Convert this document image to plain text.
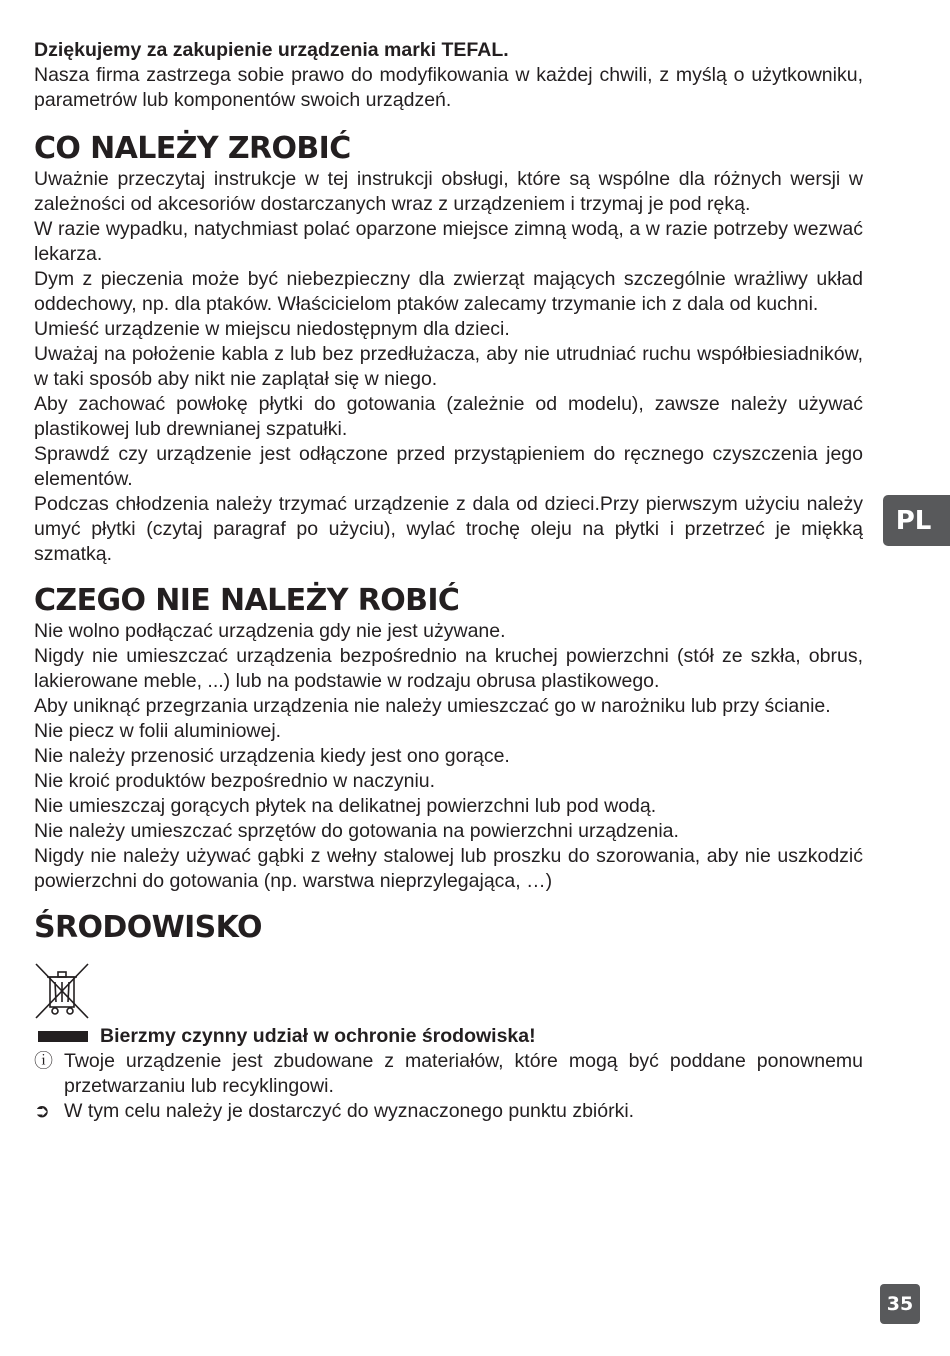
Dziękujemy za zakupienie urządzenia marki TEFAL.

Nasza firma zastrzega sobie prawo do modyfikowania w każdej chwili, z myślą o użytkowniku, parametrów lub komponentów swoich urządzeń.

CO NALEŻY ZROBIĆ

Uważnie przeczytaj instrukcje w tej instrukcji obsługi, które są wspólne dla różnych wersji w zależności od akcesoriów dostarczanych wraz z urządzeniem i trzymaj je pod ręką.

W razie wypadku, natychmiast polać oparzone miejsce zimną wodą, a w razie potrzeby wezwać lekarza.

Dym z pieczenia może być niebezpieczny dla zwierząt mających szczególnie wrażliwy układ oddechowy, np. dla ptaków. Właścicielom ptaków zalecamy trzymanie ich z dala od kuchni.

Umieść urządzenie w miejscu niedostępnym dla dzieci.

Uważaj na położenie kabla z lub bez przedłużacza, aby nie utrudniać ruchu współbiesiadników, w taki sposób aby nikt nie zaplątał się w niego.

Aby zachować powłokę płytki do gotowania (zależnie od modelu), zawsze należy używać plastikowej lub drewnianej szpatułki.

Sprawdź czy urządzenie jest odłączone przed przystąpieniem do ręcznego czyszczenia jego elementów.

Podczas chłodzenia należy trzymać urządzenie z dala od dzieci.Przy pierwszym użyciu należy umyć płytki (czytaj paragraf po użyciu), wylać trochę oleju na płytki i przetrzeć je miękką szmatką.

CZEGO NIE NALEŻY ROBIĆ

Nie wolno podłączać urządzenia gdy nie jest używane.

Nigdy nie umieszczać urządzenia bezpośrednio na kruchej powierzchni (stół ze szkła, obrus, lakierowane meble, ...) lub na podstawie w rodzaju obrusa plastikowego.

Aby uniknąć przegrzania urządzenia nie należy umieszczać go w narożniku lub przy ścianie.

Nie piecz w folii aluminiowej.

Nie należy przenosić urządzenia kiedy jest ono gorące.

Nie kroić produktów bezpośrednio w naczyniu.

Nie umieszczaj gorących płytek na delikatnej powierzchni lub pod wodą.

Nie należy umieszczać sprzętów do gotowania na powierzchni urządzenia.

Nigdy nie należy używać gąbki z wełny stalowej lub proszku do szorowania, aby nie uszkodzić powierzchni do gotowania (np. warstwa nieprzylegająca, …)

ŚRODOWISKO
Bierzmy czynny udział w ochronie środowiska!
ⓘ Twoje urządzenie jest zbudowane z materiałów, które mogą być poddane ponownemu przetwarzaniu lub recyklingowi.
➲ W tym celu należy je dostarczyć do wyznaczonego punktu zbiórki.
PL
35
